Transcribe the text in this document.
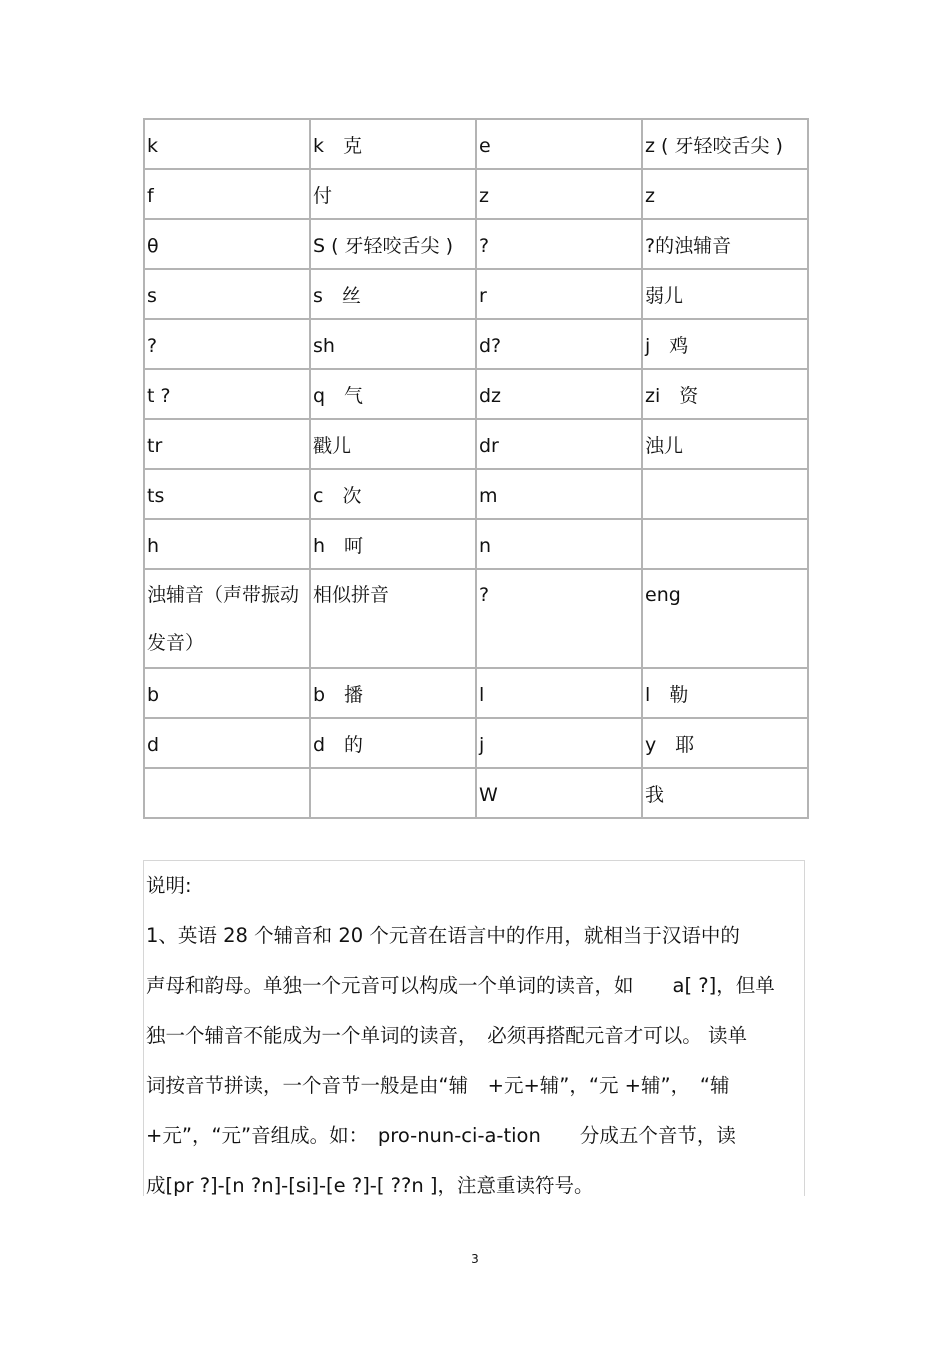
k	k　克	e	z ( 牙轻咬舌尖 )

f	付	z	z

θ	S ( 牙轻咬舌尖 )	?	?的浊辅音

s	s　丝	r	弱儿

?	sh	d?	j　鸡

t ?	q　气	dz	zi　资

tr	戳儿	dr	浊儿

ts	c　次	m	

h	h　呵	n	

浊辅音（声带振动发音）	相似拼音	?	eng

b	b　播	l	l　勒

d	d　的	j	y　耶

		W	我

说明:

1、英语 28 个辅音和 20 个元音在语言中的作用，就相当于汉语中的
声母和韵母。单独一个元音可以构成一个单词的读音，如　　a[ ?]，但单
独一个辅音不能成为一个单词的读音，　必须再搭配元音才可以。 读单
词按音节拼读，一个音节一般是由“辅　+元+辅”，“元 +辅”，　“辅
+元”，“元”音组成。如：　pro-nun-ci-a-tion　　分成五个音节，读
成[pr ?]-[n ?n]-[si]-[e ?]-[ ??n ]，注意重读符号。

3
